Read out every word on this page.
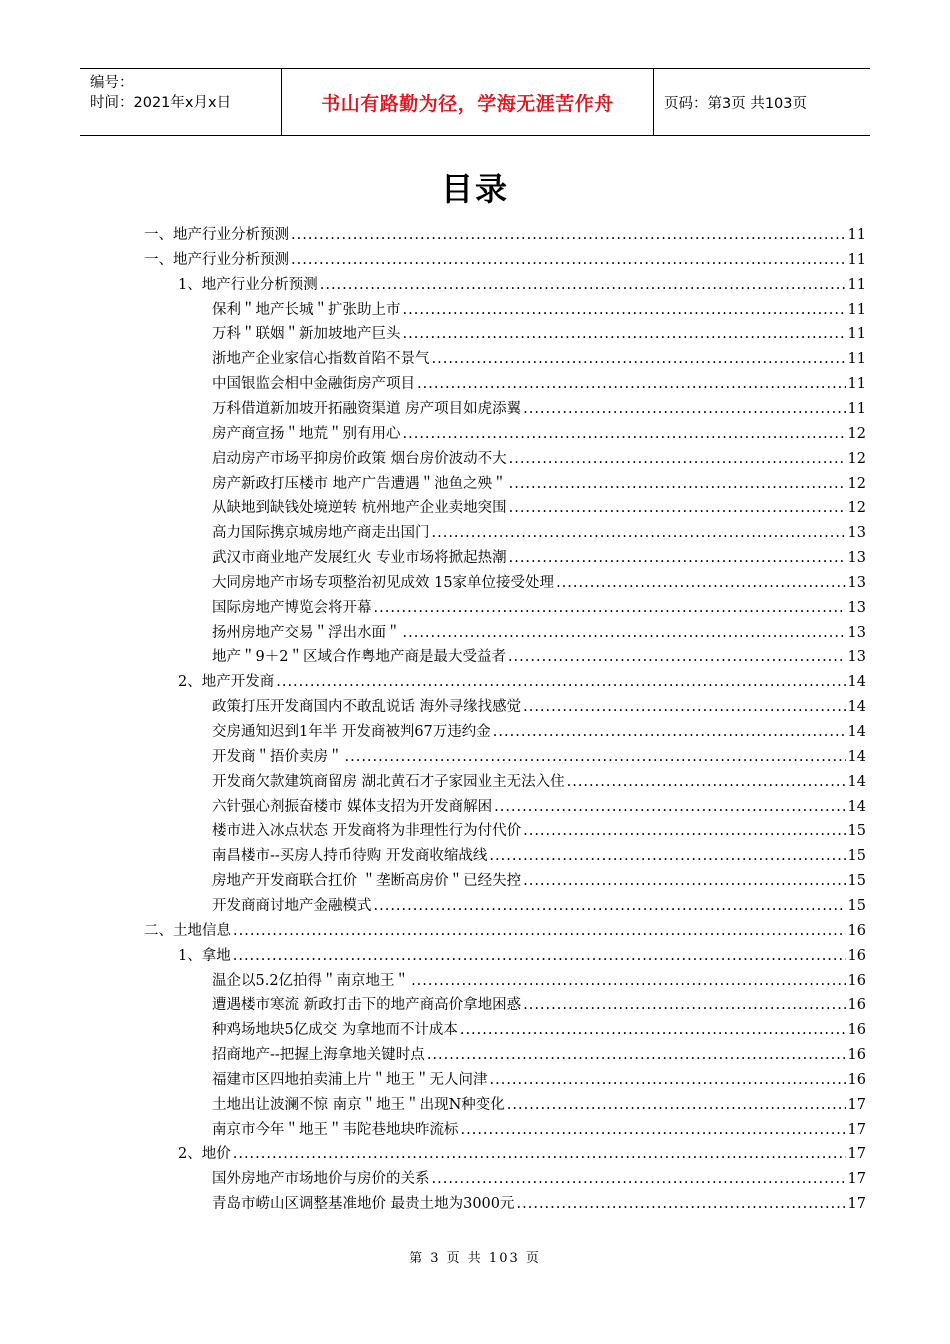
编号：
时间：2021年x月x日	书山有路勤为径，学海无涯苦作舟	页码：第3页 共103页
目录
一、地产行业分析预测 .....	11
一、地产行业分析预测 .....	11
1、地产行业分析预测 .....	11
保利＂地产长城＂扩张助上市 .....	11
万科＂联姻＂新加坡地产巨头 .....	11
浙地产企业家信心指数首陷不景气 .....	11
中国银监会相中金融街房产项目 .....	11
万科借道新加坡开拓融资渠道 房产项目如虎添翼 .....	11
房产商宣扬＂地荒＂别有用心 .....	12
启动房产市场平抑房价政策 烟台房价波动不大 .....	12
房产新政打压楼市 地产广告遭遇＂池鱼之殃＂ .....	12
从缺地到缺钱处境逆转 杭州地产企业卖地突围 .....	12
高力国际携京城房地产商走出国门 .....	13
武汉市商业地产发展红火 专业市场将掀起热潮 .....	13
大同房地产市场专项整治初见成效 15家单位接受处理 .....	13
国际房地产博览会将开幕 .....	13
扬州房地产交易＂浮出水面＂ .....	13
地产＂9＋2＂区域合作粤地产商是最大受益者 .....	13
2、地产开发商 .....	14
政策打压开发商国内不敢乱说话 海外寻缘找感觉 .....	14
交房通知迟到1年半 开发商被判67万违约金 .....	14
开发商＂捂价卖房＂ .....	14
开发商欠款建筑商留房 湖北黄石才子家园业主无法入住 .....	14
六针强心剂振奋楼市 媒体支招为开发商解困 .....	14
楼市进入冰点状态 开发商将为非理性行为付代价 .....	15
南昌楼市--买房人持币待购 开发商收缩战线 .....	15
房地产开发商联合扛价 ＂垄断高房价＂已经失控 .....	15
开发商商讨地产金融模式 .....	15
二、土地信息 .....	16
1、拿地 .....	16
温企以5.2亿拍得＂南京地王＂ .....	16
遭遇楼市寒流 新政打击下的地产商高价拿地困惑 .....	16
种鸡场地块5亿成交 为拿地而不计成本 .....	16
招商地产--把握上海拿地关键时点 .....	16
福建市区四地拍卖浦上片＂地王＂无人问津 .....	16
土地出让波澜不惊 南京＂地王＂出现N种变化 .....	17
南京市今年＂地王＂韦陀巷地块昨流标 .....	17
2、地价 .....	17
国外房地产市场地价与房价的关系 .....	17
青岛市崂山区调整基准地价 最贵土地为3000元 .....	17
第 3 页 共 103 页
